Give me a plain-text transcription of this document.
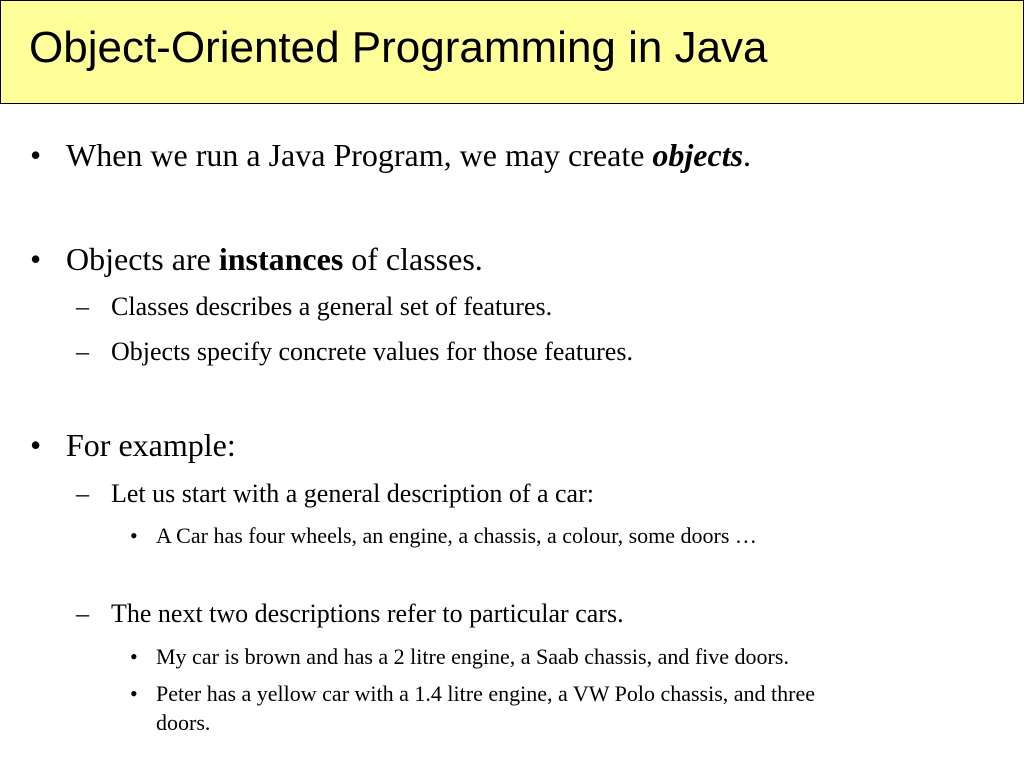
Object-Oriented Programming in Java
• When we run a Java Program, we may create objects.
• Objects are instances of classes.
– Classes describes a general set of features.
– Objects specify concrete values for those features.
• For example:
– Let us start with a general description of a car:
• A Car has four wheels, an engine, a chassis, a colour, some doors …
– The next two descriptions refer to particular cars.
• My car is brown and has a 2 litre engine, a Saab chassis, and five doors.
• Peter has a yellow car with a 1.4 litre engine, a VW Polo chassis, and three
doors.
